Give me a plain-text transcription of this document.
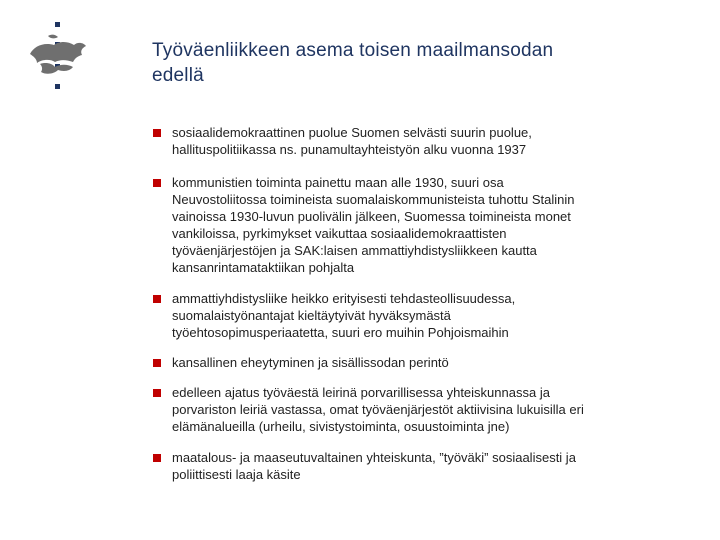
Työväenliikkeen asema toisen maailmansodan
edellä
sosiaalidemokraattinen puolue Suomen selvästi suurin puolue,
hallituspolitiikassa ns. punamultayhteistyön alku vuonna 1937
kommunistien toiminta painettu maan alle 1930, suuri osa
Neuvostoliitossa toimineista suomalaiskommunisteista tuhottu Stalinin
vainoissa 1930-luvun puolivälin jälkeen, Suomessa toimineista monet
vankiloissa, pyrkimykset vaikuttaa sosiaalidemokraattisten
työväenjärjestöjen ja SAK:laisen ammattiyhdistysliikkeen kautta
kansanrintamataktiikan pohjalta
ammattiyhdistysliike heikko erityisesti tehdasteollisuudessa,
suomalaistyönantajat kieltäytyivät hyväksymästä
työehtosopimusperiaatetta, suuri ero muihin Pohjoismaihin
kansallinen eheytyminen ja sisällissodan perintö
edelleen ajatus työväestä leirinä porvarillisessa yhteiskunnassa ja
porvariston leiriä vastassa, omat työväenjärjestöt aktiivisina lukuisilla eri
elämänalueilla (urheilu, sivistystoiminta, osuustoiminta jne)
maatalous- ja maaseutuvaltainen yhteiskunta, ”työväki” sosiaalisesti ja
poliittisesti laaja käsite
